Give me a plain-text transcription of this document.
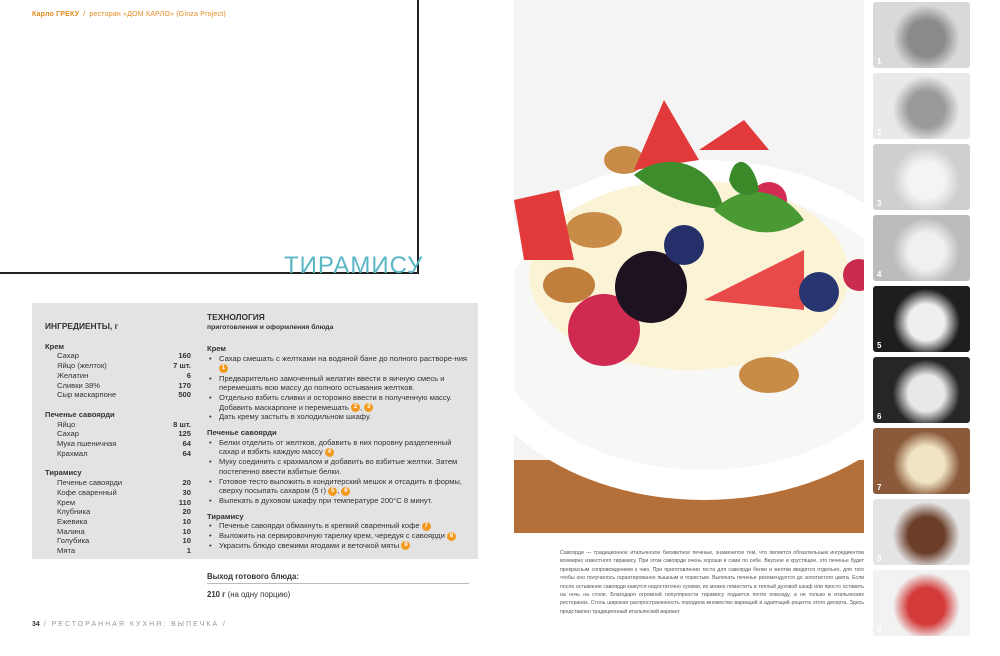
Карло ГРЕКУ / ресторан «ДОМ КАРЛО» (Ginza Project)
ТИРАМИСУ
ИНГРЕДИЕНТЫ, г
Крем
Сахар	160
Яйцо (желток)	7 шт.
Желатин	6
Сливки 38%	170
Сыр маскарпоне	500
Печенье савоярди
Яйцо	8 шт.
Сахар	125
Мука пшеничная	64
Крахмал	64
Тирамису
Печенье савоярди	20
Кофе сваренный	30
Крем	110
Клубника	20
Ежевика	10
Малина	10
Голубика	10
Мята	1
ТЕХНОЛОГИЯ
приготовления и оформления блюда
Крем
• Сахар смешать с желтками на водяной бане до полного растворе-ния 1
• Предварительно замоченный желатин ввести в яичную смесь и перемешать всю массу до полного остывания желтков.
• Отдельно взбить сливки и осторожно ввести в полученную массу. Добавить маскарпоне и перемешать 2 , 3
• Дать крему застыть в холодильном шкафу.
Печенье савоярди
• Белки отделить от желтков, добавить в них поровну разделенный сахар и взбить каждую массу 4
• Муку соединить с крахмалом и добавить во взбитые желтки. Затем постепенно ввести взбитые белки.
• Готовое тесто выложить в кондитерский мешок и отсадить в формы, сверху посыпать сахаром (5 г) 5 , 6
• Выпекать в духовом шкафу при температуре 200°С 8 минут.
Тирамису
• Печенье савоярди обмакнуть в крепкий сваренный кофе 7
• Выложить на сервировочную тарелку крем, чередуя с савоярди 8
• Украсить блюдо свежими ягодами и веточкой мяты 9
Выход готового блюда:
210 г (на одну порцию)
34 / РЕСТОРАННАЯ КУХНЯ: ВЫПЕЧКА /
Савоярди — традиционное итальянское бисквитное печенье, знаменитое тем, что является обязательным ингредиентом всемирно известного тирамису. При этом савоярди очень хороши и сами по себе. Вкусное и хрустящее, это печенье будет прекрасным сопровождением к чаю. При приготовлении теста для савоярди белки и желтки вводятся отдельно, для того чтобы оно получилось гарантированно пышным и пористым. Выпекать печенье рекомендуется до золотистого цвета. Если после остывания савоярди кажутся недостаточно сухими, их можно поместить в теплый духовой шкаф или просто оставить на ночь на столе. Благодаря огромной популярности тирамису подается почти повсюду, а не только в итальянских ресторанах. Столь широкая распространенность породила множество вариаций и адаптаций рецепта этого десерта. Здесь представлен традиционный итальянский вариант.
1
2
3
4
5
6
7
8
9
